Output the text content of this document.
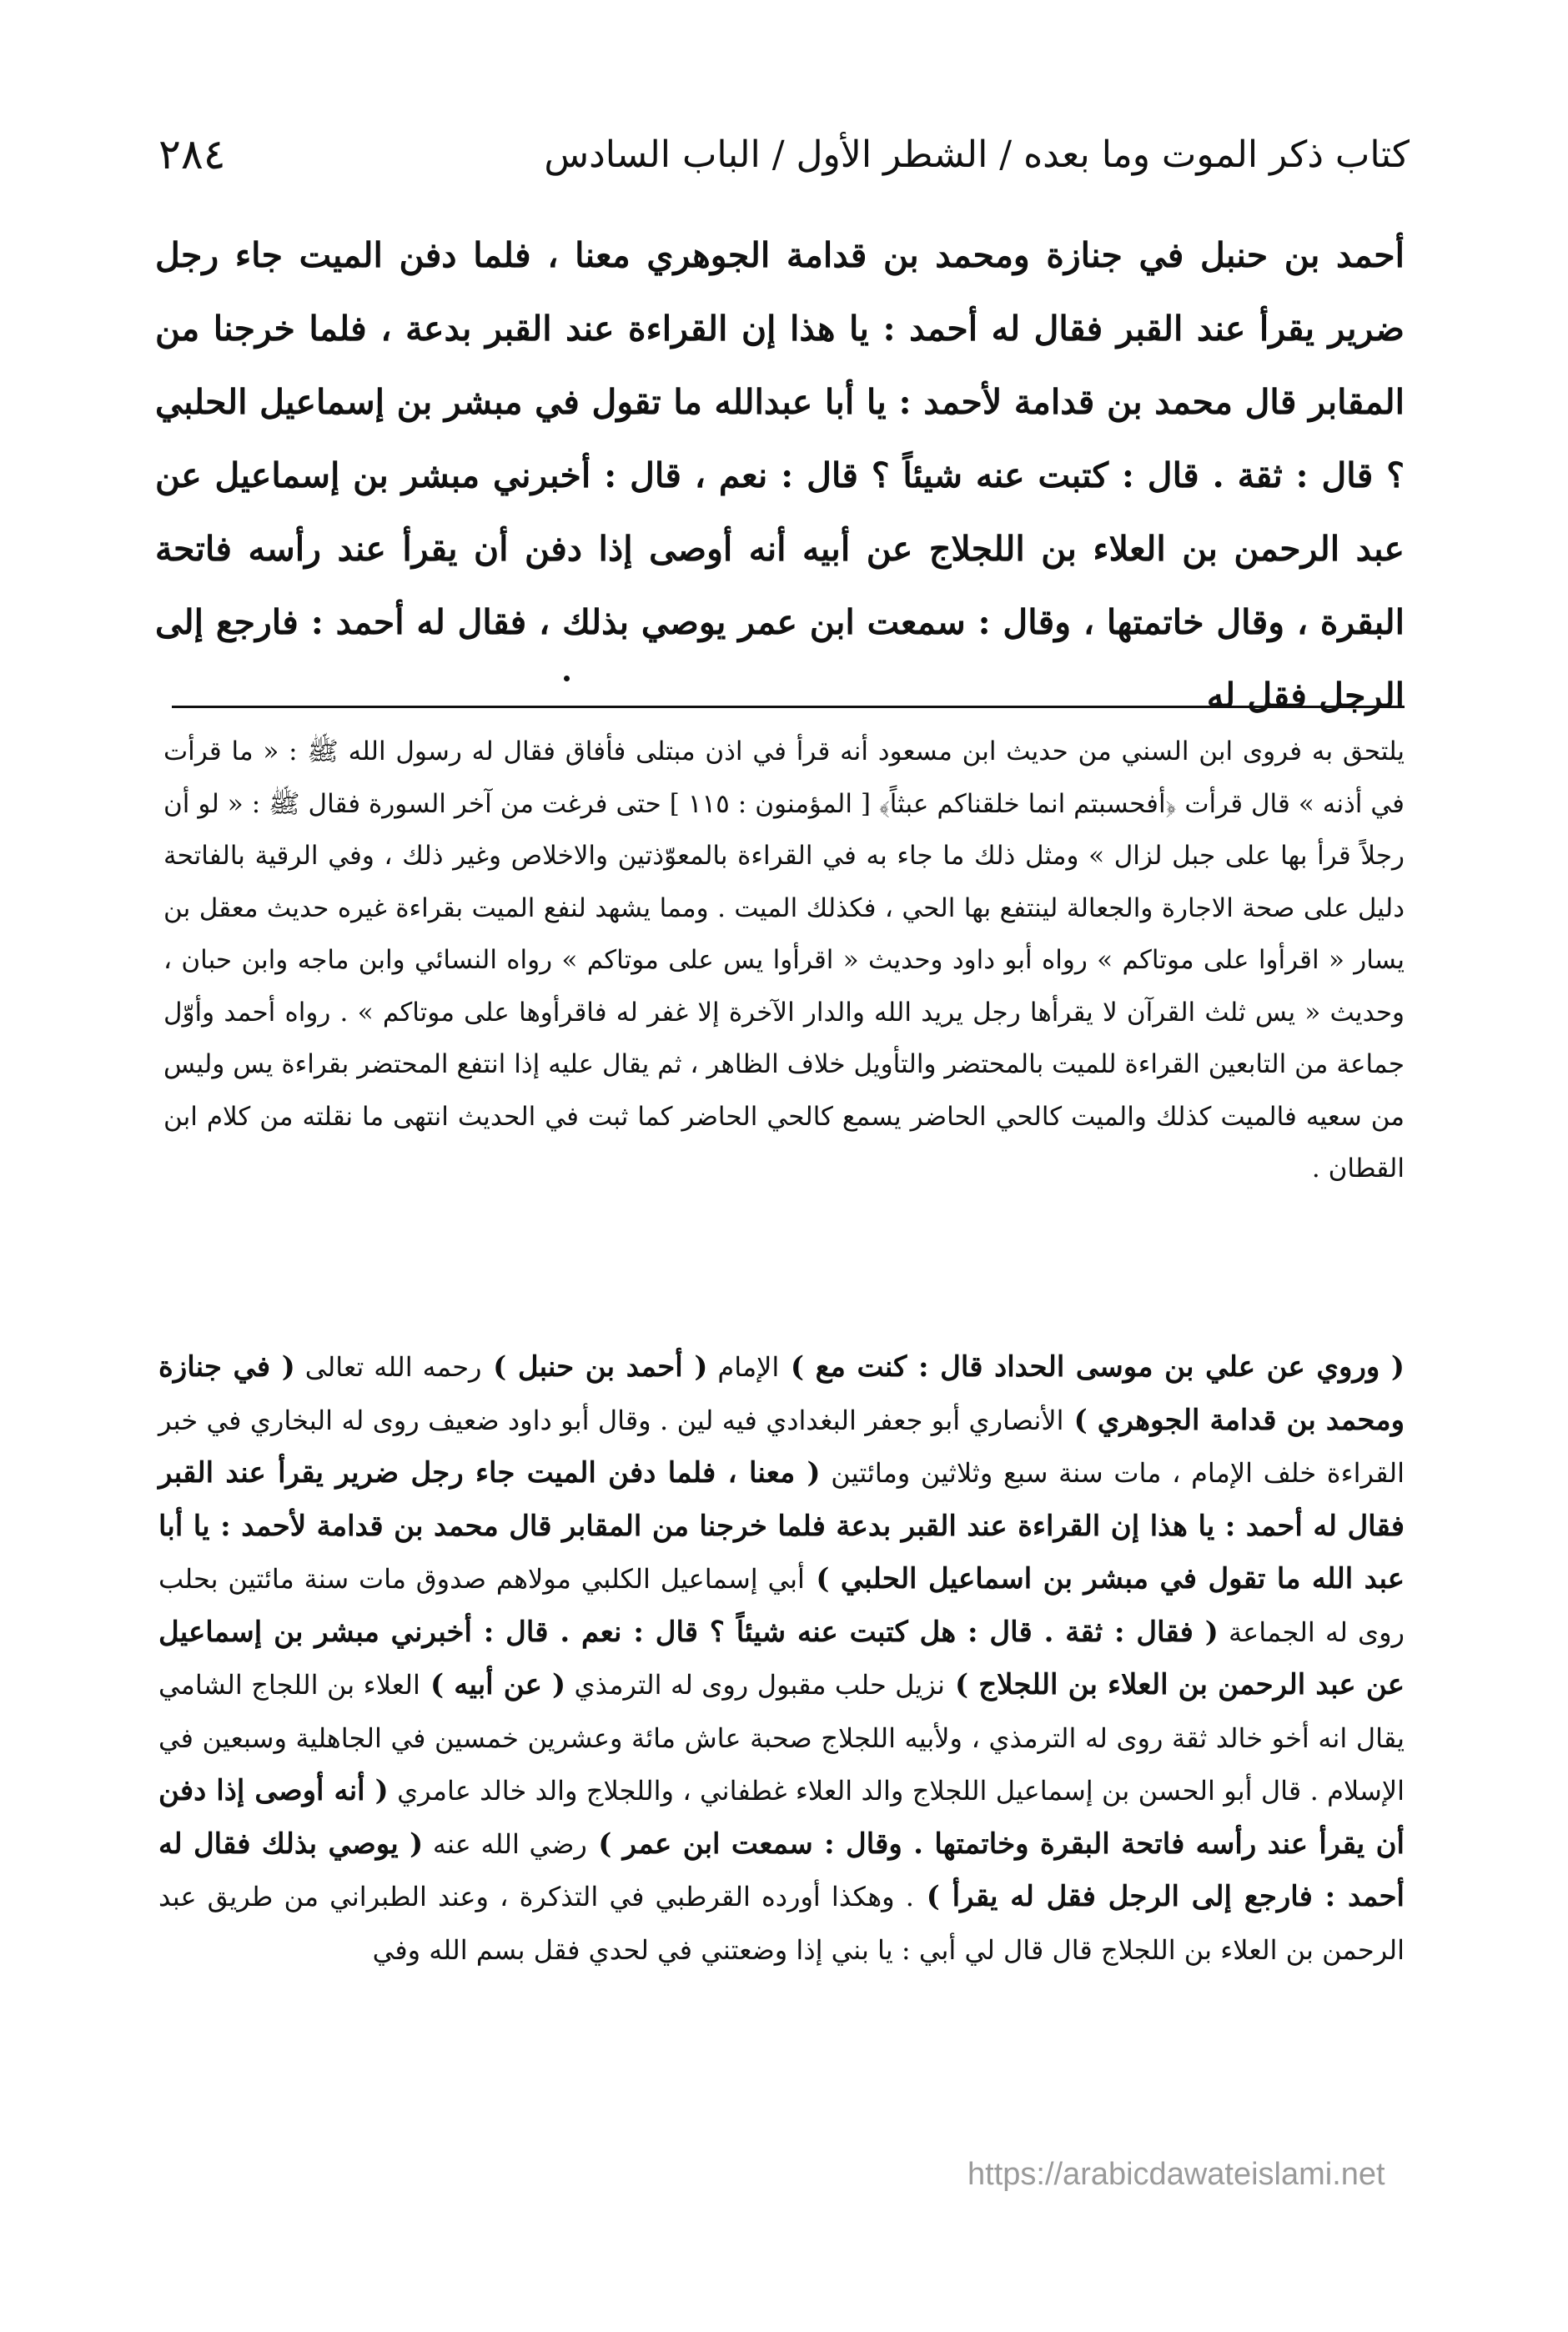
كتاب ذكر الموت وما بعده / الشطر الأول / الباب السادس
٢٨٤

أحمد بن حنبل في جنازة ومحمد بن قدامة الجوهري معنا ، فلما دفن الميت جاء رجل ضرير يقرأ عند القبر فقال له أحمد : يا هذا إن القراءة عند القبر بدعة ، فلما خرجنا من المقابر قال محمد بن قدامة لأحمد : يا أبا عبدالله ما تقول في مبشر بن إسماعيل الحلبي ؟ قال : ثقة . قال : كتبت عنه شيئاً ؟ قال : نعم ، قال : أخبرني مبشر بن إسماعيل عن عبد الرحمن بن العلاء بن اللجلاج عن أبيه أنه أوصى إذا دفن أن يقرأ عند رأسه فاتحة البقرة ، وقال خاتمتها ، وقال : سمعت ابن عمر يوصي بذلك ، فقال له أحمد : فارجع إلى الرجل فقل له

يلتحق به فروى ابن السني من حديث ابن مسعود أنه قرأ في اذن مبتلى فأفاق فقال له رسول الله ﷺ : « ما قرأت في أذنه » قال قرأت ﴿أفحسبتم انما خلقناكم عبثاً﴾ [ المؤمنون : ١١٥ ] حتى فرغت من آخر السورة فقال ﷺ : « لو أن رجلاً قرأ بها على جبل لزال » ومثل ذلك ما جاء به في القراءة بالمعوّذتين والاخلاص وغير ذلك ، وفي الرقية بالفاتحة دليل على صحة الاجارة والجعالة لينتفع بها الحي ، فكذلك الميت . ومما يشهد لنفع الميت بقراءة غيره حديث معقل بن يسار « اقرأوا على موتاكم » رواه أبو داود وحديث « اقرأوا يس على موتاكم » رواه النسائي وابن ماجه وابن حبان ، وحديث « يس ثلث القرآن لا يقرأها رجل يريد الله والدار الآخرة إلا غفر له فاقرأوها على موتاكم » . رواه أحمد وأوّل جماعة من التابعين القراءة للميت بالمحتضر والتأويل خلاف الظاهر ، ثم يقال عليه إذا انتفع المحتضر بقراءة يس وليس من سعيه فالميت كذلك والميت كالحي الحاضر يسمع كالحي الحاضر كما ثبت في الحديث انتهى ما نقلته من كلام ابن القطان .

( وروي عن علي بن موسى الحداد قال : كنت مع ) الإمام ( أحمد بن حنبل ) رحمه الله تعالى ( في جنازة ومحمد بن قدامة الجوهري ) الأنصاري أبو جعفر البغدادي فيه لين . وقال أبو داود ضعيف روى له البخاري في خبر القراءة خلف الإمام ، مات سنة سبع وثلاثين ومائتين ( معنا ، فلما دفن الميت جاء رجل ضرير يقرأ عند القبر فقال له أحمد : يا هذا إن القراءة عند القبر بدعة فلما خرجنا من المقابر قال محمد بن قدامة لأحمد : يا أبا عبد الله ما تقول في مبشر بن اسماعيل الحلبي ) أبي إسماعيل الكلبي مولاهم صدوق مات سنة مائتين بحلب روى له الجماعة ( فقال : ثقة . قال : هل كتبت عنه شيئاً ؟ قال : نعم . قال : أخبرني مبشر بن إسماعيل عن عبد الرحمن بن العلاء بن اللجلاج ) نزيل حلب مقبول روى له الترمذي ( عن أبيه ) العلاء بن اللجاج الشامي يقال انه أخو خالد ثقة روى له الترمذي ، ولأبيه اللجلاج صحبة عاش مائة وعشرين خمسين في الجاهلية وسبعين في الإسلام . قال أبو الحسن بن إسماعيل اللجلاج والد العلاء غطفاني ، واللجلاج والد خالد عامري ( أنه أوصى إذا دفن أن يقرأ عند رأسه فاتحة البقرة وخاتمتها . وقال : سمعت ابن عمر ) رضي الله عنه ( يوصي بذلك فقال له أحمد : فارجع إلى الرجل فقل له يقرأ ) . وهكذا أورده القرطبي في التذكرة ، وعند الطبراني من طريق عبد الرحمن بن العلاء بن اللجلاج قال قال لي أبي : يا بني إذا وضعتني في لحدي فقل بسم الله وفي

https://arabicdawateislami.net
